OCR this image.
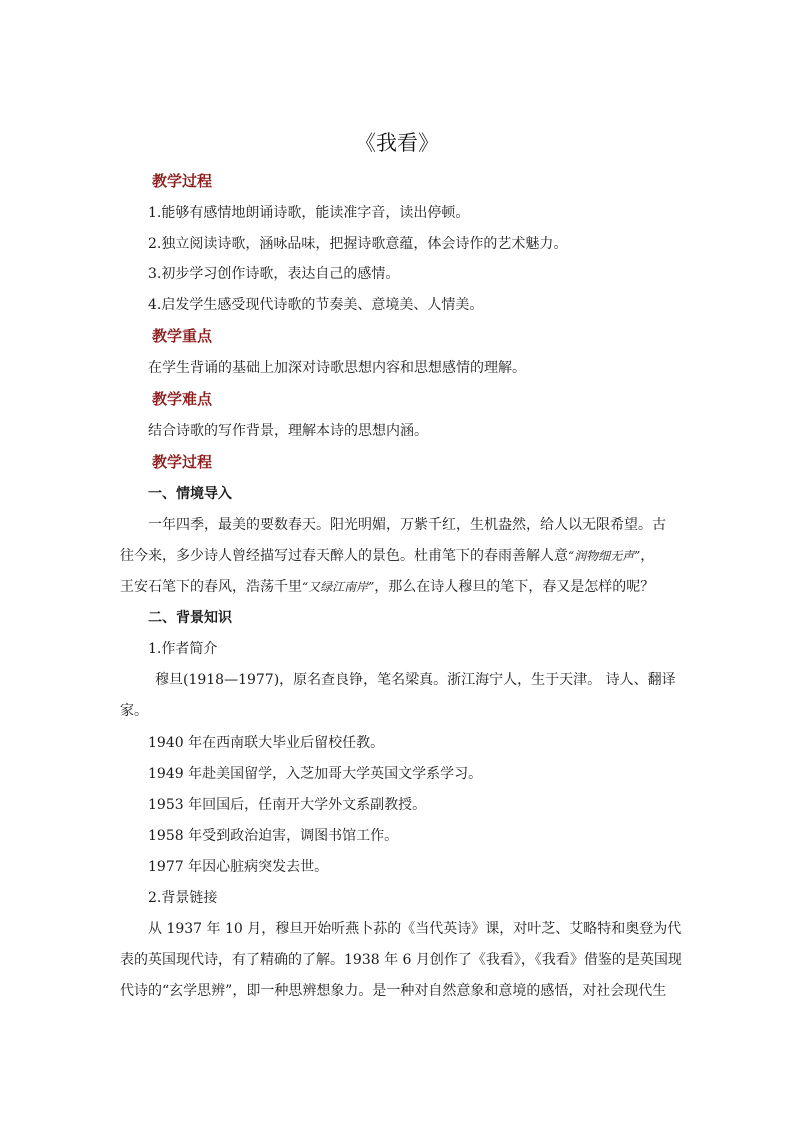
《我看》
教学过程
1.能够有感情地朗诵诗歌，能读准字音，读出停顿。
2.独立阅读诗歌，涵咏品味，把握诗歌意蕴，体会诗作的艺术魅力。
3.初步学习创作诗歌，表达自己的感情。
4.启发学生感受现代诗歌的节奏美、意境美、人情美。
教学重点
在学生背诵的基础上加深对诗歌思想内容和思想感情的理解。
教学难点
结合诗歌的写作背景，理解本诗的思想内涵。
教学过程
一、情境导入
一年四季，最美的要数春天。阳光明媚，万紫千红，生机盎然，给人以无限希望。古
往今来，多少诗人曾经描写过春天醉人的景色。杜甫笔下的春雨善解人意“润物细无声”，
王安石笔下的春风，浩荡千里“又绿江南岸”，那么在诗人穆旦的笔下，春又是怎样的呢？
二、背景知识
1.作者简介
穆旦(1918—1977)，原名查良铮，笔名梁真。浙江海宁人，生于天津。 诗人、翻译
家。
1940 年在西南联大毕业后留校任教。
1949 年赴美国留学，入芝加哥大学英国文学系学习。
1953 年回国后，任南开大学外文系副教授。
1958 年受到政治迫害，调图书馆工作。
1977 年因心脏病突发去世。
2.背景链接
从 1937 年 10 月，穆旦开始听燕卜荪的《当代英诗》课，对叶芝、艾略特和奥登为代
表的英国现代诗，有了精确的了解。1938 年 6 月创作了《我看》，《我看》借鉴的是英国现
代诗的“玄学思辨”，即一种思辨想象力。是一种对自然意象和意境的感悟，对社会现代生
